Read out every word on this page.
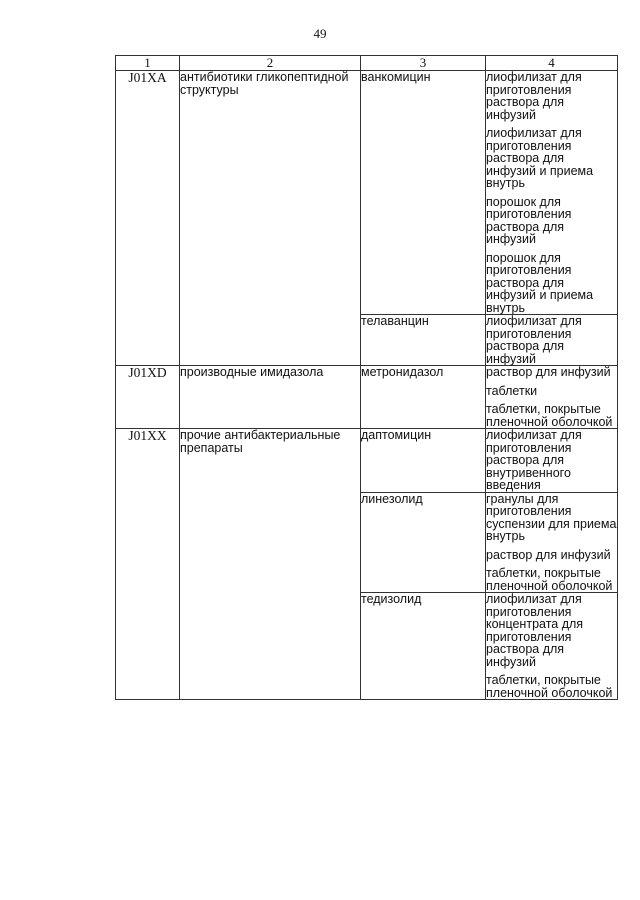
49
1	2	3	4
J01XA	антибиотики гликопептидной структуры	ванкомицин	лиофилизат для приготовления раствора для инфузий
лиофилизат для приготовления раствора для инфузий и приема внутрь
порошок для приготовления раствора для инфузий
порошок для приготовления раствора для инфузий и приема внутрь

		телаванцин	лиофилизат для приготовления раствора для инфузий

J01XD	производные имидазола	метронидазол	раствор для инфузий
таблетки
таблетки, покрытые пленочной оболочкой

J01XX	прочие антибактериальные препараты	даптомицин	лиофилизат для приготовления раствора для внутривенного введения

		линезолид	гранулы для приготовления суспензии для приема внутрь
раствор для инфузий
таблетки, покрытые пленочной оболочкой

		тедизолид	лиофилизат для приготовления концентрата для приготовления раствора для инфузий
таблетки, покрытые пленочной оболочкой
